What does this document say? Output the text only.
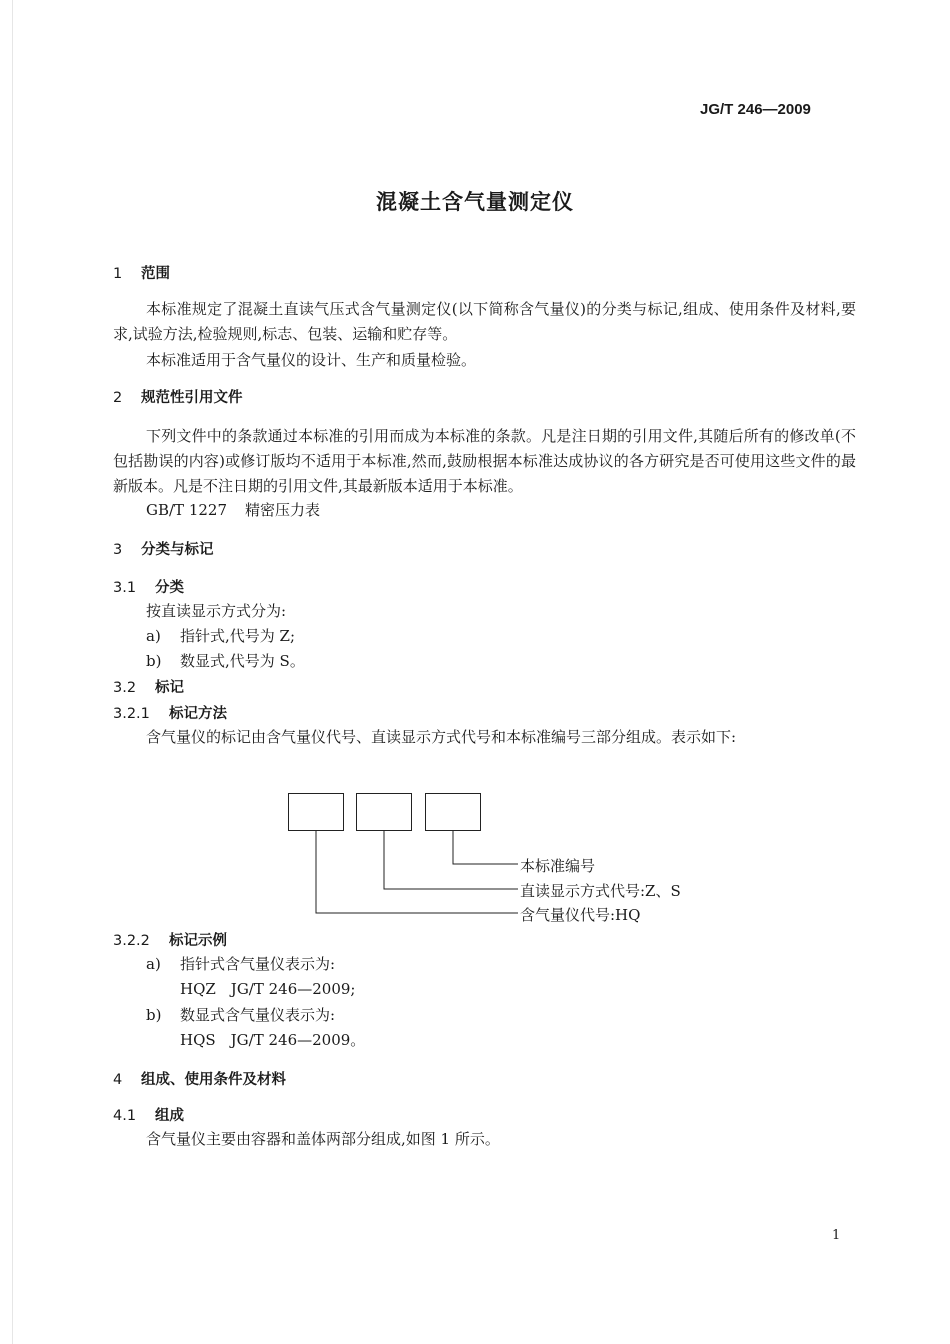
JG/T 246—2009
混凝土含气量测定仪
1 范围
本标准规定了混凝土直读气压式含气量测定仪(以下简称含气量仪)的分类与标记,组成、使用条件及材料,要求,试验方法,检验规则,标志、包装、运输和贮存等。
本标准适用于含气量仪的设计、生产和质量检验。
2 规范性引用文件
下列文件中的条款通过本标准的引用而成为本标准的条款。凡是注日期的引用文件,其随后所有的修改单(不包括勘误的内容)或修订版均不适用于本标准,然而,鼓励根据本标准达成协议的各方研究是否可使用这些文件的最新版本。凡是不注日期的引用文件,其最新版本适用于本标准。
GB/T 1227 精密压力表
3 分类与标记
3.1 分类
按直读显示方式分为:
a) 指针式,代号为 Z;
b) 数显式,代号为 S。
3.2 标记
3.2.1 标记方法
含气量仪的标记由含气量仪代号、直读显示方式代号和本标准编号三部分组成。表示如下:
本标准编号
直读显示方式代号:Z、S
含气量仪代号:HQ
3.2.2 标记示例
a) 指针式含气量仪表示为:
HQZ　JG/T 246—2009;
b) 数显式含气量仪表示为:
HQS　JG/T 246—2009。
4 组成、使用条件及材料
4.1 组成
含气量仪主要由容器和盖体两部分组成,如图 1 所示。
1
